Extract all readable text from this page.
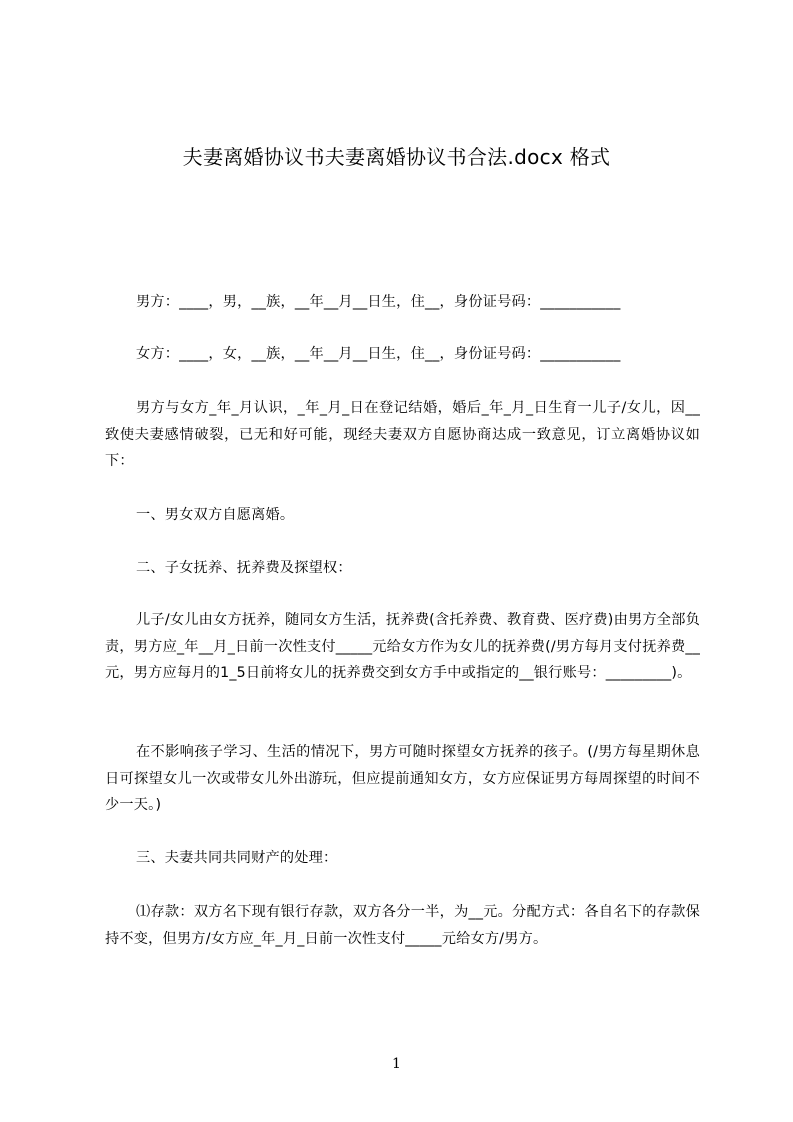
夫妻离婚协议书夫妻离婚协议书合法.docx 格式

男方：____，男，__族，__年__月__日生，住__，身份证号码：___________

女方：____，女，__族，__年__月__日生，住__，身份证号码：___________

男方与女方_年_月认识，_年_月_日在登记结婚，婚后_年_月_日生育一儿子/女儿，因__致使夫妻感情破裂，已无和好可能，现经夫妻双方自愿协商达成一致意见，订立离婚协议如下：

一、男女双方自愿离婚。

二、子女抚养、抚养费及探望权：

儿子/女儿由女方抚养，随同女方生活，抚养费(含托养费、教育费、医疗费)由男方全部负责，男方应_年__月_日前一次性支付_____元给女方作为女儿的抚养费(/男方每月支付抚养费__元，男方应每月的1_5日前将女儿的抚养费交到女方手中或指定的__银行账号：_________)。

在不影响孩子学习、生活的情况下，男方可随时探望女方抚养的孩子。(/男方每星期休息日可探望女儿一次或带女儿外出游玩，但应提前通知女方，女方应保证男方每周探望的时间不少一天。)

三、夫妻共同共同财产的处理：

⑴存款：双方名下现有银行存款，双方各分一半，为__元。分配方式：各自名下的存款保持不变，但男方/女方应_年_月_日前一次性支付_____元给女方/男方。

1
